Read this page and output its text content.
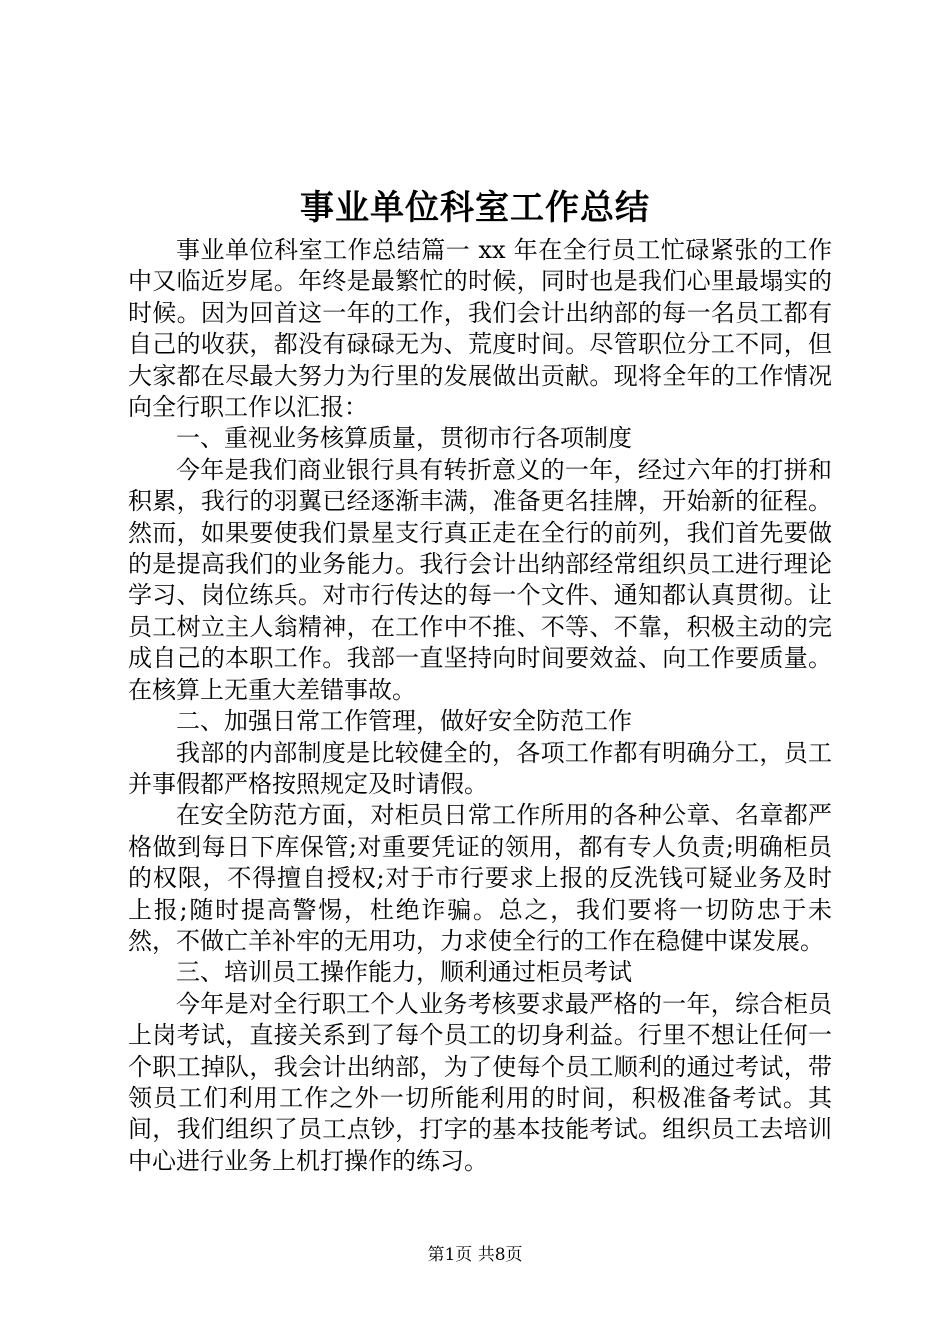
事业单位科室工作总结

事业单位科室工作总结篇一 xx 年在全行员工忙碌紧张的工作中又临近岁尾。年终是最繁忙的时候，同时也是我们心里最塌实的时候。因为回首这一年的工作，我们会计出纳部的每一名员工都有自己的收获，都没有碌碌无为、荒度时间。尽管职位分工不同，但大家都在尽最大努力为行里的发展做出贡献。现将全年的工作情况向全行职工作以汇报：

一、重视业务核算质量，贯彻市行各项制度

今年是我们商业银行具有转折意义的一年，经过六年的打拼和积累，我行的羽翼已经逐渐丰满，准备更名挂牌，开始新的征程。然而，如果要使我们景星支行真正走在全行的前列，我们首先要做的是提高我们的业务能力。我行会计出纳部经常组织员工进行理论学习、岗位练兵。对市行传达的每一个文件、通知都认真贯彻。让员工树立主人翁精神，在工作中不推、不等、不靠，积极主动的完成自己的本职工作。我部一直坚持向时间要效益、向工作要质量。在核算上无重大差错事故。

二、加强日常工作管理，做好安全防范工作

我部的内部制度是比较健全的，各项工作都有明确分工，员工并事假都严格按照规定及时请假。

在安全防范方面，对柜员日常工作所用的各种公章、名章都严格做到每日下库保管;对重要凭证的领用，都有专人负责;明确柜员的权限，不得擅自授权;对于市行要求上报的反洗钱可疑业务及时上报;随时提高警惕，杜绝诈骗。总之，我们要将一切防忠于未然，不做亡羊补牢的无用功，力求使全行的工作在稳健中谋发展。

三、培训员工操作能力，顺利通过柜员考试

今年是对全行职工个人业务考核要求最严格的一年，综合柜员上岗考试，直接关系到了每个员工的切身利益。行里不想让任何一个职工掉队，我会计出纳部，为了使每个员工顺利的通过考试，带领员工们利用工作之外一切所能利用的时间，积极准备考试。其间，我们组织了员工点钞，打字的基本技能考试。组织员工去培训中心进行业务上机打操作的练习。

第1页 共8页
